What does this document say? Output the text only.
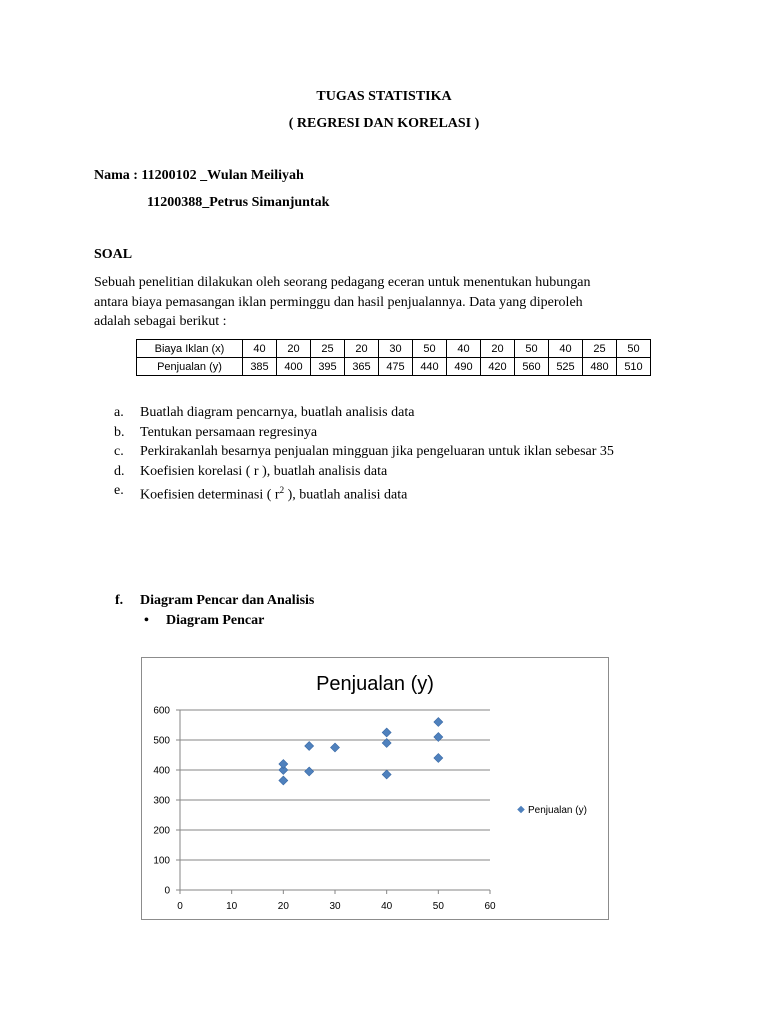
TUGAS STATISTIKA
( REGRESI DAN KORELASI )
Nama : 11200102 _Wulan Meiliyah
11200388_Petrus Simanjuntak
SOAL
Sebuah penelitian dilakukan oleh seorang pedagang eceran untuk menentukan hubungan
antara biaya pemasangan iklan perminggu dan hasil penjualannya. Data yang diperoleh
adalah sebagai berikut :
Biaya Iklan (x)	40	20	25	20	30	50	40	20	50	40	25	50
Penjualan (y)	385	400	395	365	475	440	490	420	560	525	480	510
a. Buatlah diagram pencarnya, buatlah analisis data
b. Tentukan persamaan regresinya
c. Perkirakanlah besarnya penjualan mingguan jika pengeluaran untuk iklan sebesar 35
d. Koefisien korelasi ( r ), buatlah analisis data
e. Koefisien determinasi ( $r^2$ ), buatlah analisi data
f. Diagram Pencar dan Analisis
• Diagram Pencar
Penjualan (y)
0
100
200
300
400
500
600
0	10	20	30	40	50	60
Penjualan (y)
